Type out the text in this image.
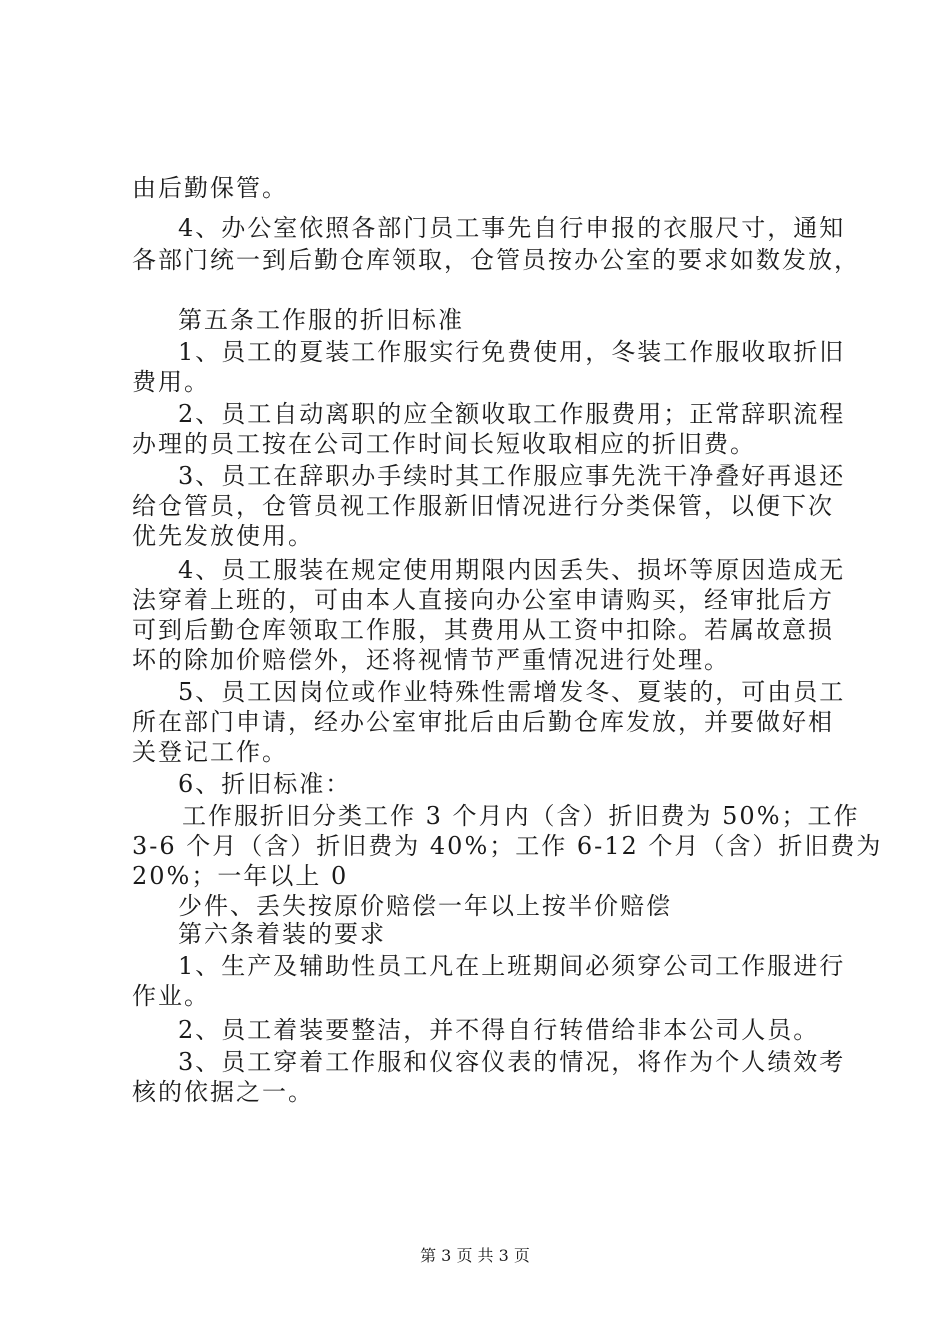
由后勤保管。
4、办公室依照各部门员工事先自行申报的衣服尺寸，通知
各部门统一到后勤仓库领取，仓管员按办公室的要求如数发放，
第五条工作服的折旧标准
1、员工的夏装工作服实行免费使用，冬装工作服收取折旧
费用。
2、员工自动离职的应全额收取工作服费用；正常辞职流程
办理的员工按在公司工作时间长短收取相应的折旧费。
3、员工在辞职办手续时其工作服应事先洗干净叠好再退还
给仓管员，仓管员视工作服新旧情况进行分类保管，以便下次
优先发放使用。
4、员工服装在规定使用期限内因丢失、损坏等原因造成无
法穿着上班的，可由本人直接向办公室申请购买，经审批后方
可到后勤仓库领取工作服，其费用从工资中扣除。若属故意损
坏的除加价赔偿外，还将视情节严重情况进行处理。
5、员工因岗位或作业特殊性需增发冬、夏装的，可由员工
所在部门申请，经办公室审批后由后勤仓库发放，并要做好相
关登记工作。
6、折旧标准：
工作服折旧分类工作 3 个月内（含）折旧费为 50%；工作
3-6 个月（含）折旧费为 40%；工作 6-12 个月（含）折旧费为
20%；一年以上 0
少件、丢失按原价赔偿一年以上按半价赔偿
第六条着装的要求
1、生产及辅助性员工凡在上班期间必须穿公司工作服进行
作业。
2、员工着装要整洁，并不得自行转借给非本公司人员。
3、员工穿着工作服和仪容仪表的情况，将作为个人绩效考
核的依据之一。
第 3 页 共 3 页
